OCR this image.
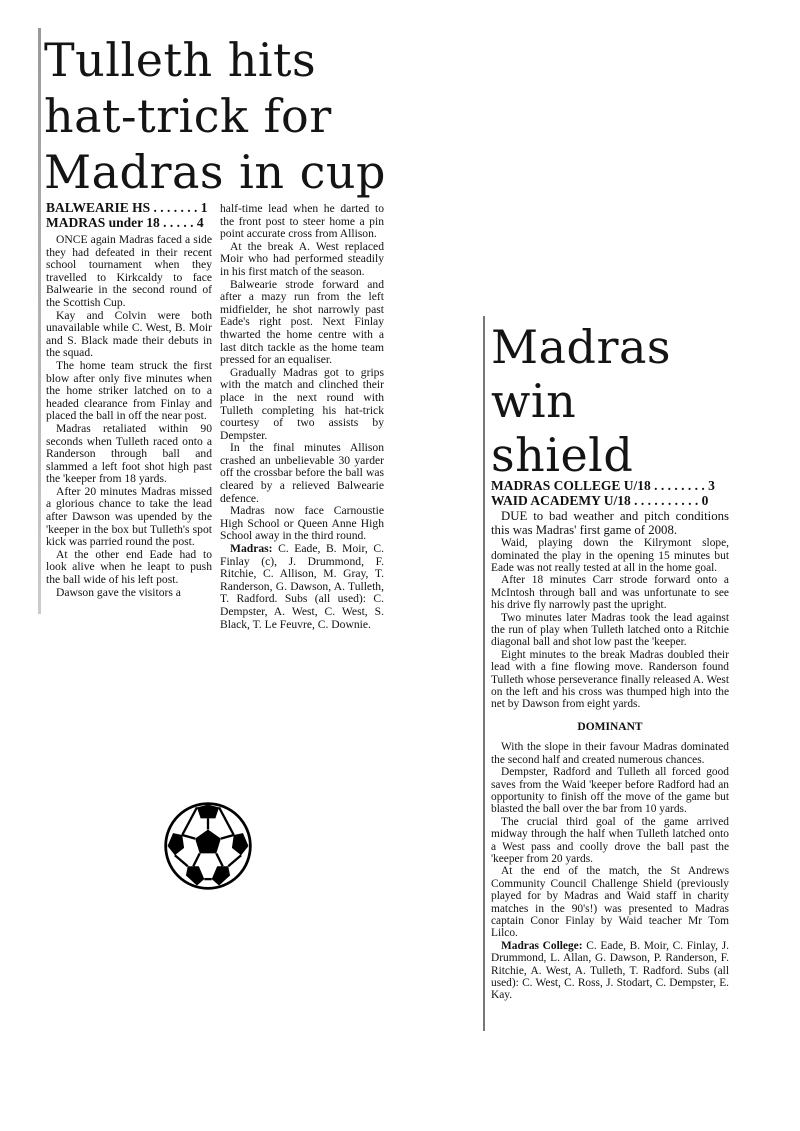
Tulleth hits
hat-trick for
Madras in cup
BALWEARIE HS . . . . . . . 1
MADRAS under 18 . . . . . 4

ONCE again Madras faced a side they had defeated in their recent school tournament when they travelled to Kirkcaldy to face Balwearie in the second round of the Scottish Cup.

Kay and Colvin were both unavailable while C. West, B. Moir and S. Black made their debuts in the squad.

The home team struck the first blow after only five minutes when the home striker latched on to a headed clearance from Finlay and placed the ball in off the near post.

Madras retaliated within 90 seconds when Tulleth raced onto a Randerson through ball and slammed a left foot shot high past the 'keeper from 18 yards.

After 20 minutes Madras missed a glorious chance to take the lead after Dawson was upended by the 'keeper in the box but Tulleth's spot kick was parried round the post.

At the other end Eade had to look alive when he leapt to push the ball wide of his left post.

Dawson gave the visitors a

half-time lead when he darted to the front post to steer home a pin point accurate cross from Allison.

At the break A. West replaced Moir who had performed steadily in his first match of the season.

Balwearie strode forward and after a mazy run from the left midfielder, he shot narrowly past Eade's right post. Next Finlay thwarted the home centre with a last ditch tackle as the home team pressed for an equaliser.

Gradually Madras got to grips with the match and clinched their place in the next round with Tulleth completing his hat-trick courtesy of two assists by Dempster.

In the final minutes Allison crashed an unbelievable 30 yarder off the crossbar before the ball was cleared by a relieved Balwearie defence.

Madras now face Carnoustie High School or Queen Anne High School away in the third round.

Madras: C. Eade, B. Moir, C. Finlay (c), J. Drummond, F. Ritchie, C. Allison, M. Gray, T. Randerson, G. Dawson, A. Tulleth, T. Radford. Subs (all used): C. Dempster, A. West, C. West, S. Black, T. Le Feuvre, C. Downie.

Madras
win
shield
MADRAS COLLEGE U/18 . . . . . . . . 3
WAID ACADEMY U/18 . . . . . . . . . . 0

DUE to bad weather and pitch conditions this was Madras' first game of 2008.

Waid, playing down the Kilrymont slope, dominated the play in the opening 15 minutes but Eade was not really tested at all in the home goal.

After 18 minutes Carr strode forward onto a McIntosh through ball and was unfortunate to see his drive fly narrowly past the upright.

Two minutes later Madras took the lead against the run of play when Tulleth latched onto a Ritchie diagonal ball and shot low past the 'keeper.

Eight minutes to the break Madras doubled their lead with a fine flowing move. Randerson found Tulleth whose perseverance finally released A. West on the left and his cross was thumped high into the net by Dawson from eight yards.

DOMINANT

With the slope in their favour Madras dominated the second half and created numerous chances.

Dempster, Radford and Tulleth all forced good saves from the Waid 'keeper before Radford had an opportunity to finish off the move of the game but blasted the ball over the bar from 10 yards.

The crucial third goal of the game arrived midway through the half when Tulleth latched onto a West pass and coolly drove the ball past the 'keeper from 20 yards.

At the end of the match, the St Andrews Community Council Challenge Shield (previously played for by Madras and Waid staff in charity matches in the 90's!) was presented to Madras captain Conor Finlay by Waid teacher Mr Tom Lilco.

Madras College: C. Eade, B. Moir, C. Finlay, J. Drummond, L. Allan, G. Dawson, P. Randerson, F. Ritchie, A. West, A. Tulleth, T. Radford. Subs (all used): C. West, C. Ross, J. Stodart, C. Dempster, E. Kay.
